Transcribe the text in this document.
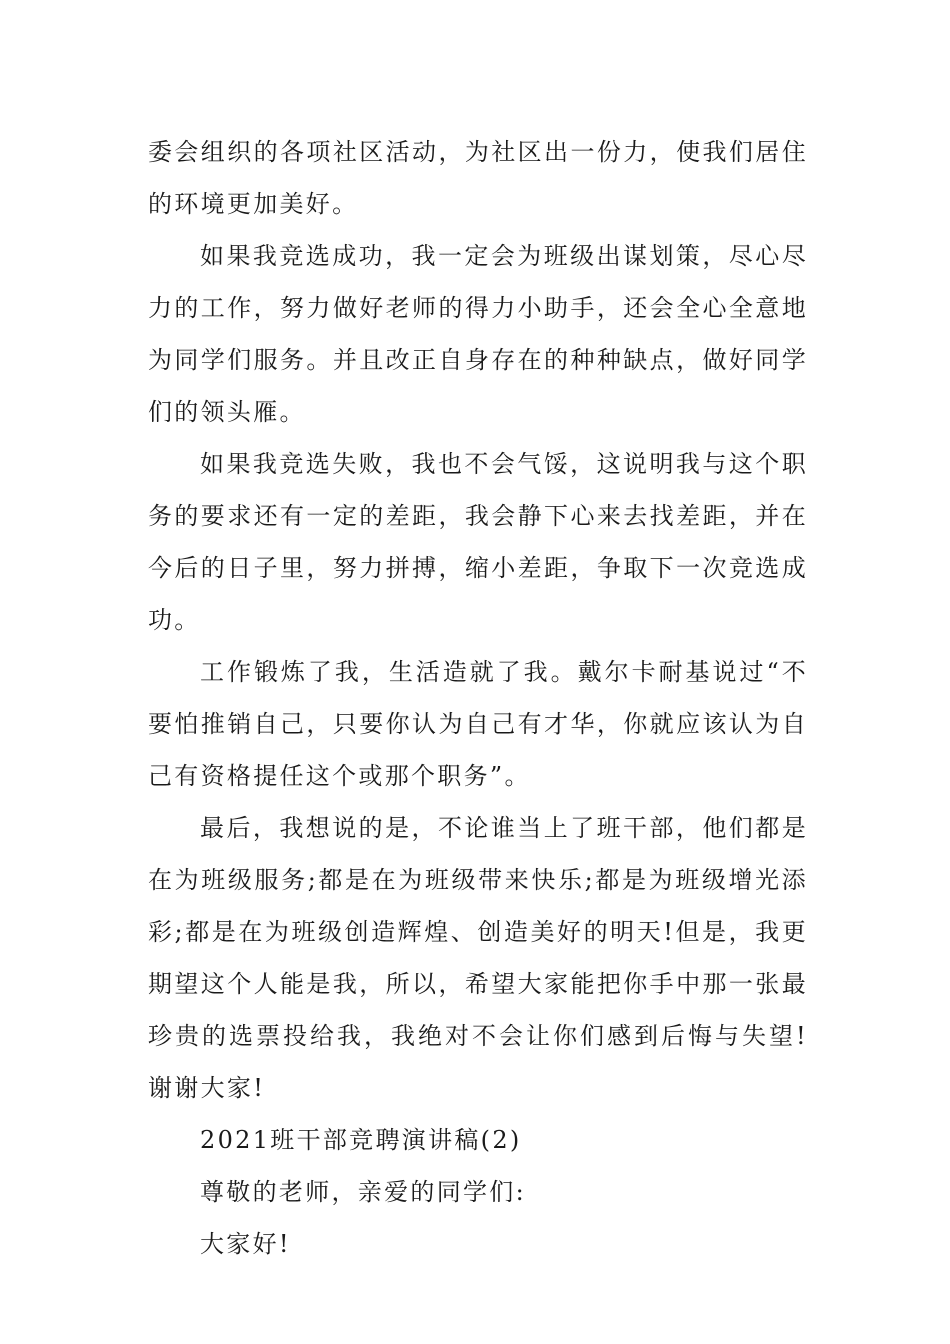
委会组织的各项社区活动，为社区出一份力，使我们居住的环境更加美好。

如果我竞选成功，我一定会为班级出谋划策，尽心尽力的工作，努力做好老师的得力小助手，还会全心全意地为同学们服务。并且改正自身存在的种种缺点，做好同学们的领头雁。

如果我竞选失败，我也不会气馁，这说明我与这个职务的要求还有一定的差距，我会静下心来去找差距，并在今后的日子里，努力拼搏，缩小差距，争取下一次竞选成功。

工作锻炼了我，生活造就了我。戴尔卡耐基说过“不要怕推销自己，只要你认为自己有才华，你就应该认为自己有资格提任这个或那个职务”。

最后，我想说的是，不论谁当上了班干部，他们都是在为班级服务;都是在为班级带来快乐;都是为班级增光添彩;都是在为班级创造辉煌、创造美好的明天!但是，我更期望这个人能是我，所以，希望大家能把你手中那一张最珍贵的选票投给我，我绝对不会让你们感到后悔与失望!谢谢大家!

2021班干部竞聘演讲稿(2)

尊敬的老师，亲爱的同学们:

大家好!
